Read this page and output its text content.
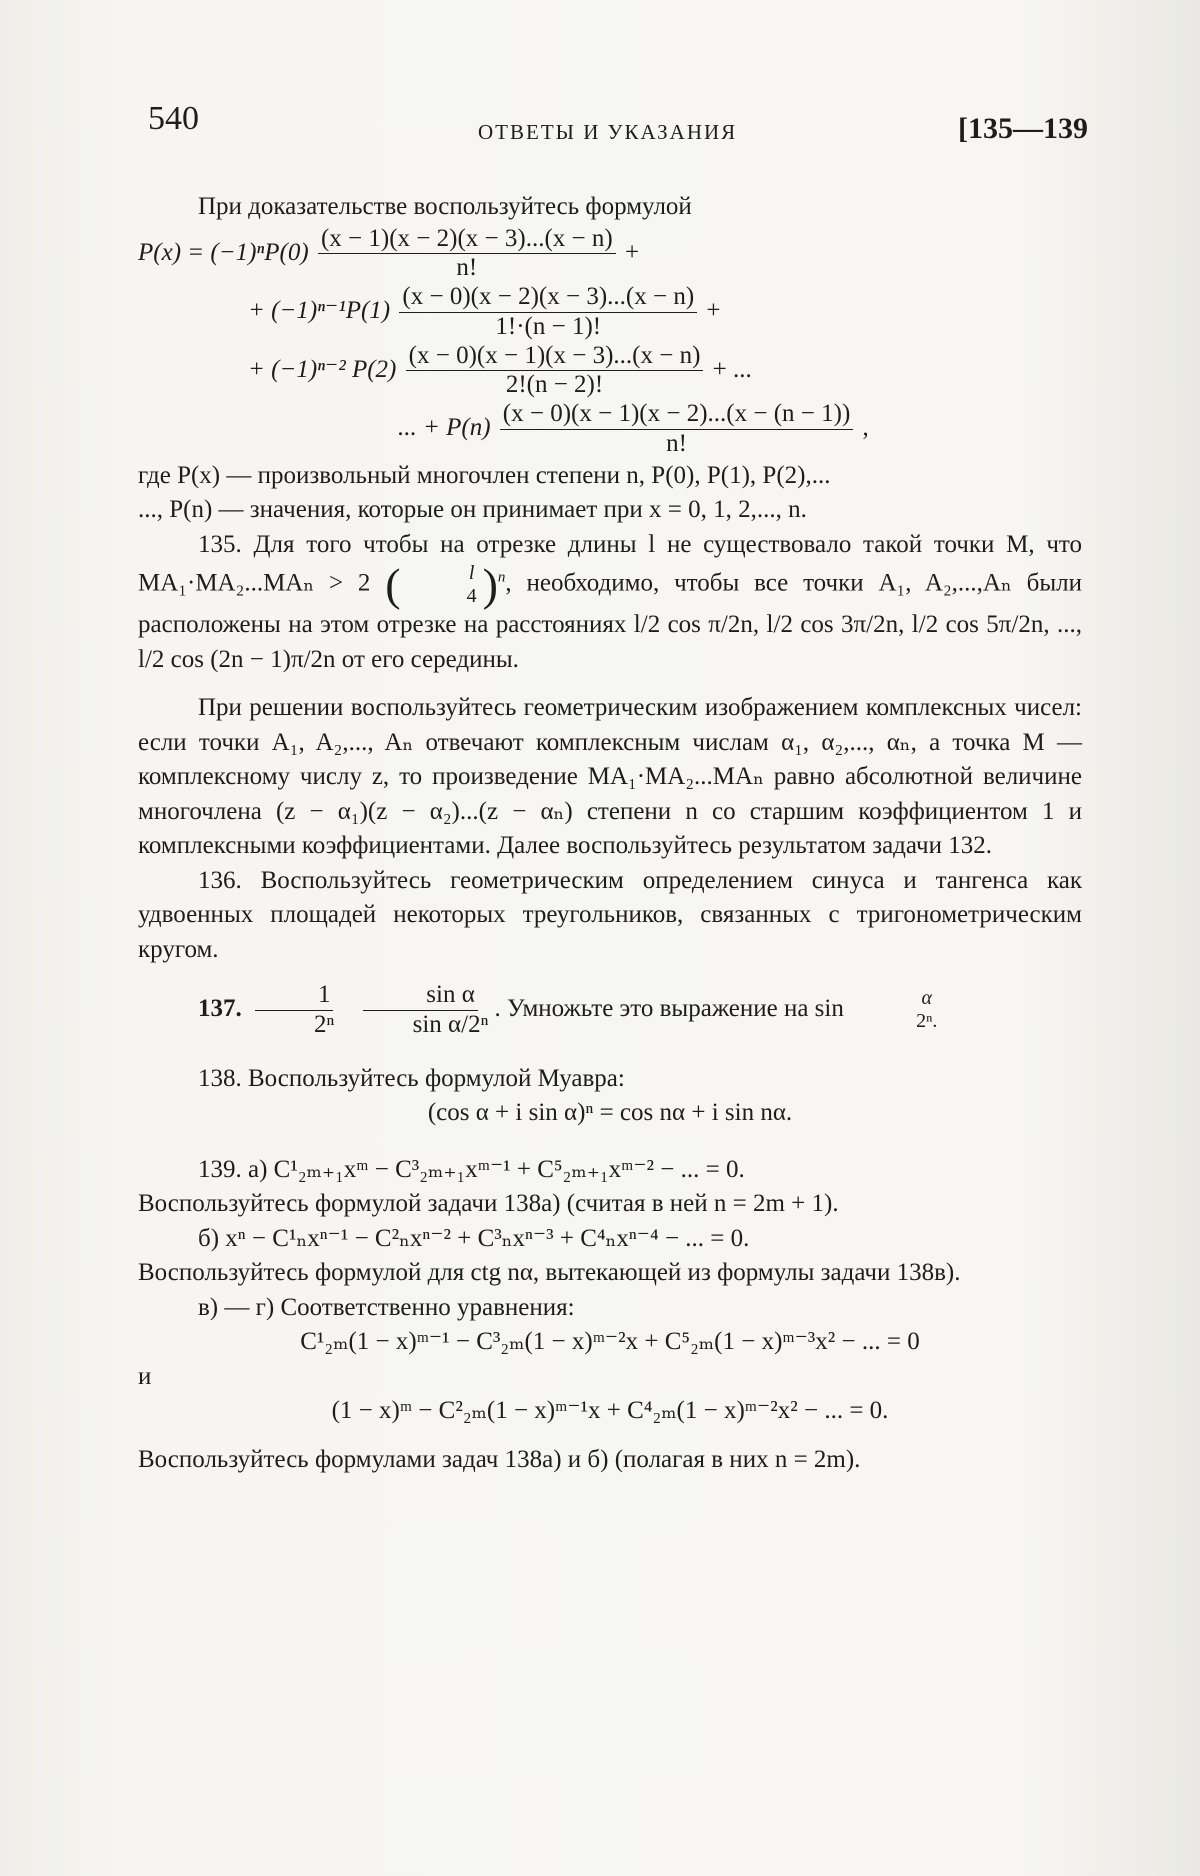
540	ОТВЕТЫ И УКАЗАНИЯ	[135—139

При доказательстве воспользуйтесь формулой

$P(x) = (-1)^nP(0) \frac{(x - 1)(x - 2)(x - 3)...(x - n)}{n!}$ +

+ $(-1)^{n-1}P(1) \frac{(x - 0)(x - 2)(x - 3)...(x - n)}{1!\cdot(n - 1)!}$ +

+ (−1)ⁿ⁻² $P(2) \frac{(x - 0)(x - 1)(x - 3)...(x - n)}{2!(n - 2)!}$ + ...

... + $P(n) \frac{(x - 0)(x - 1)(x - 2)...(x - (n - 1))}{n!}$ ,

где P(x) — произвольный многочлен степени n, P(0), P(1), P(2),...

..., P(n) — значения, которые он принимает при x = 0, 1, 2,..., n.

135. Для того чтобы на отрезке длины l не существовало такой точки M, что MA₁·MA₂...MAₙ > 2 (	l
4 )$^n$, необходимо, чтобы все точки A₁, A₂,...,Aₙ были расположены на этом отрезке на расстояниях l/2 cos π/2n, l/2 cos 3π/2n, l/2 cos 5π/2n, ..., l/2 cos (2n − 1)π/2n от его середины.

При решении воспользуйтесь геометрическим изображением комплексных чисел: если точки A₁, A₂,..., Aₙ отвечают комплексным числам α₁, α₂,..., αₙ, а точка M — комплексному числу z, то произведение MA₁·MA₂...MAₙ равно абсолютной величине многочлена (z − α₁)(z − α₂)...(z − αₙ) степени n со старшим коэффициентом 1 и комплексными коэффициентами. Далее воспользуйтесь результатом задачи 132.

136. Воспользуйтесь геометрическим определением синуса и тангенса как удвоенных площадей некоторых треугольников, связанных с тригонометрическим кругом.

137. $\frac{1}{\text{2ⁿ}}$
$\frac{\text{sin α}}{\text{sin α/2ⁿ}}$ . Умножьте это выражение на sin	α
2ⁿ.

138. Воспользуйтесь формулой Муавра:

(cos α + i sin α)ⁿ = cos nα + i sin nα.

139. а) C¹₂ₘ₊₁xᵐ − C³₂ₘ₊₁xᵐ⁻¹ + C⁵₂ₘ₊₁xᵐ⁻² − ... = 0.

Воспользуйтесь формулой задачи 138а) (считая в ней n = 2m + 1).

б) xⁿ − C¹ₙxⁿ⁻¹ − C²ₙxⁿ⁻² + C³ₙxⁿ⁻³ + C⁴ₙxⁿ⁻⁴ − ... = 0.

Воспользуйтесь формулой для ctg nα, вытекающей из формулы задачи 138в).

в) — г) Соответственно уравнения:

C¹₂ₘ(1 − x)ᵐ⁻¹ − C³₂ₘ(1 − x)ᵐ⁻²x + C⁵₂ₘ(1 − x)ᵐ⁻³x² − ... = 0

и

(1 − x)ᵐ − C²₂ₘ(1 − x)ᵐ⁻¹x + C⁴₂ₘ(1 − x)ᵐ⁻²x² − ... = 0.

Воспользуйтесь формулами задач 138а) и б) (полагая в них n = 2m).
